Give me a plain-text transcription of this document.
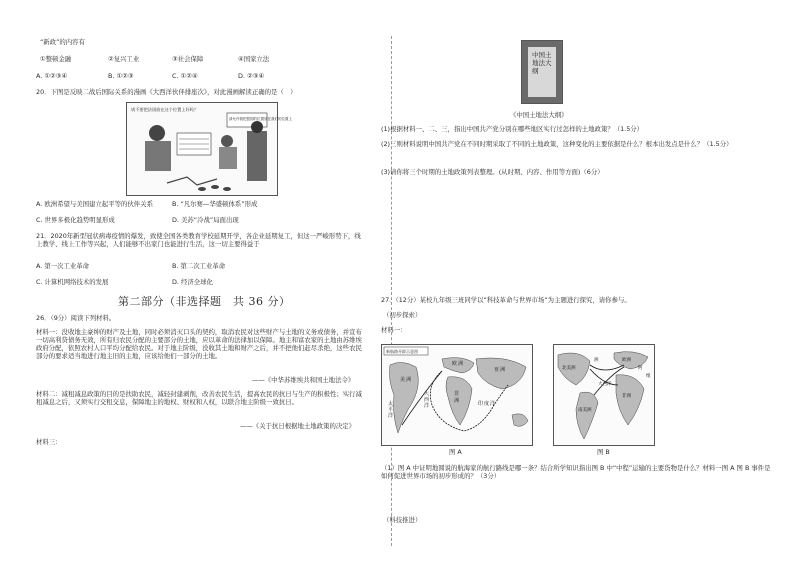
“新政”的内容有
①整顿金融	②复兴工业	③社会保障	④国家立法
A. ①②③④	B. ①②③	C. ①②④	D. ②③④
20．下图是反映二战后国际关系的漫画《大西洋伙伴排座次》，对此漫画解读正确的是（　）
请不要把法国放在这个位置上好吗？
请允许我把盟国的位置放在我们的位置上
A. 欧洲希望与美国建立起平等的伙伴关系	B. “凡尔赛—华盛顿体系”形成
C. 世界多极化趋势明显形成	D. 美苏“冷战”局面出现
21．2020年新型冠状病毒疫情的爆发，致使全国各类教育学校延期开学，各企业延期复工，但这一严峻形势下，线上教学、线上工作等兴起，人们能够不出家门也能进行生活，这一切主要得益于
A. 第一次工业革命	B. 第二次工业革命
C. 计算机网络技术的发展	D. 经济全球化
第二部分（非选择题　共 36 分）
26．（9分）阅读下列材料。
材料一：没收地主豪绅的财产及土地，同时必须消灭口头的契约，取消农民对这些财产与土地的义务或债务，并宣布一切高利贷债务无效，所有归农民分配的主要部分的土地，应以革命的法律加以保障。地主和富农家的土地由苏维埃政府分配，依照农村人口平均分配给农民。对于地主阶级，没收其土地和财产之后，并不把他们赶尽杀绝，这些农民部分的要求适当地进行地主旧的主地，应该给他们一部分的土地。
——《中华苏维埃共和国土地法令》
材料二：减租减息政策的目的是扶助农民，减轻封建剥削，改善农民生活，提高农民的抗日与生产的积极性；实行减租减息之后，又须实行交租交息，保障地主的地权、财权和人权，以联合地主阶级一致抗日。
——《关于抗日根据地土地政策的决定》
材料三：
中国土地法大纲
《中国土地法大纲》
(1)根据材料一、二、三，指出中国共产党分别在哪些地区实行过怎样的土地政策？（1.5分）
(2)三则材料说明中国共产党在不同时期采取了不同的土地政策，这种变化的主要依据是什么？根本出发点是什么？（1.5分）
(3)请你将三个时期的土地政策列表整理。(从时期、内容、作用等方面)（6分）
27．（12分）某校九年级三班同学以“科技革命与世界市场”为主题进行探究，请你参与。
（初步探索）
材料一：
新航路开辟示意图
欧 洲
非
洲
亚 洲
印 度 洋
大
西
洋
太
平
洋
美 洲
图 A
北美洲
欧洲
大西洋
非洲
南美洲
洲
阿
维
图 B
（1）图 A 中证明地圆说的航海家的航行路线是哪一条？结合所学知识指出图 B 中“中程”运输的主要货物是什么？材料一图 A 图 B 事件是如何促进世界市场的初步形成的？（3分）
（科技推进）
